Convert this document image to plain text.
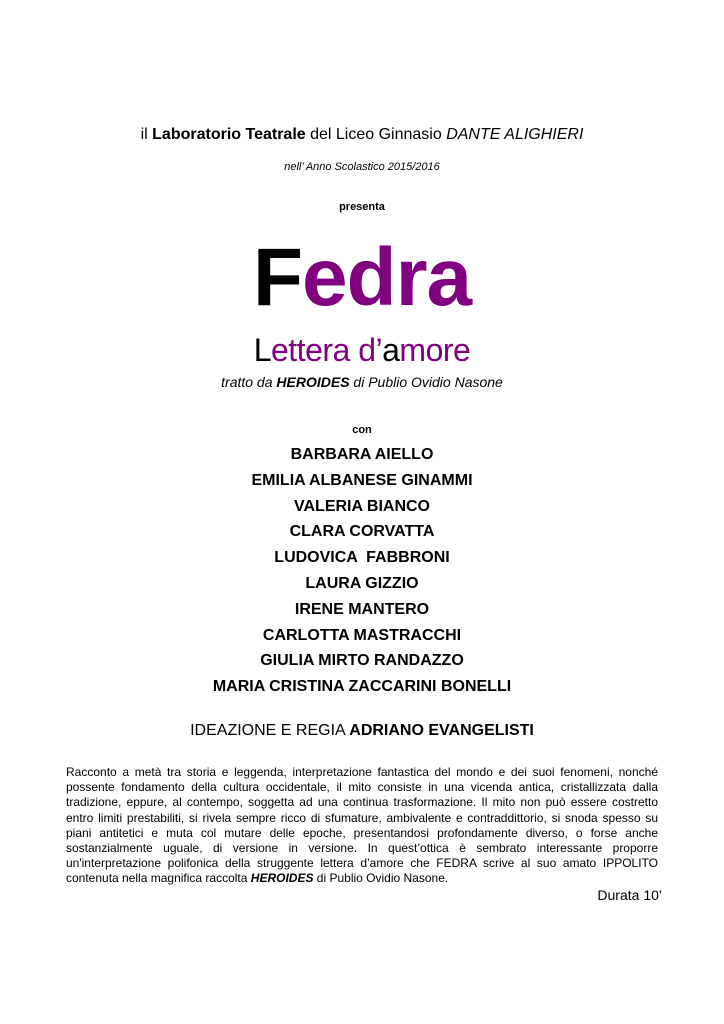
il Laboratorio Teatrale del Liceo Ginnasio DANTE ALIGHIERI
nell’ Anno Scolastico 2015/2016
presenta
Fedra
Lettera d’amore
tratto da HEROIDES di Publio Ovidio Nasone
con
BARBARA AIELLO
EMILIA ALBANESE GINAMMI
VALERIA BIANCO
CLARA CORVATTA
LUDOVICA  FABBRONI
LAURA GIZZIO
IRENE MANTERO
CARLOTTA MASTRACCHI
GIULIA MIRTO RANDAZZO
MARIA CRISTINA ZACCARINI BONELLI
IDEAZIONE E REGIA ADRIANO EVANGELISTI

Racconto a metà tra storia e leggenda, interpretazione fantastica del mondo e dei suoi fenomeni, nonché possente fondamento della cultura occidentale, il mito consiste in una vicenda antica, cristallizzata dalla tradizione, eppure, al contempo, soggetta ad una continua trasformazione. Il mito non può essere costretto entro limiti prestabiliti, si rivela sempre ricco di sfumature, ambivalente e contraddittorio, si snoda spesso su piani antitetici e muta col mutare delle epoche, presentandosi profondamente diverso, o forse anche sostanzialmente uguale, di versione in versione. In quest’ottica è sembrato interessante proporre un'interpretazione polifonica della struggente lettera d’amore che FEDRA scrive al suo amato IPPOLITO contenuta nella magnifica raccolta HEROIDES di Publio Ovidio Nasone.

Durata 10’
